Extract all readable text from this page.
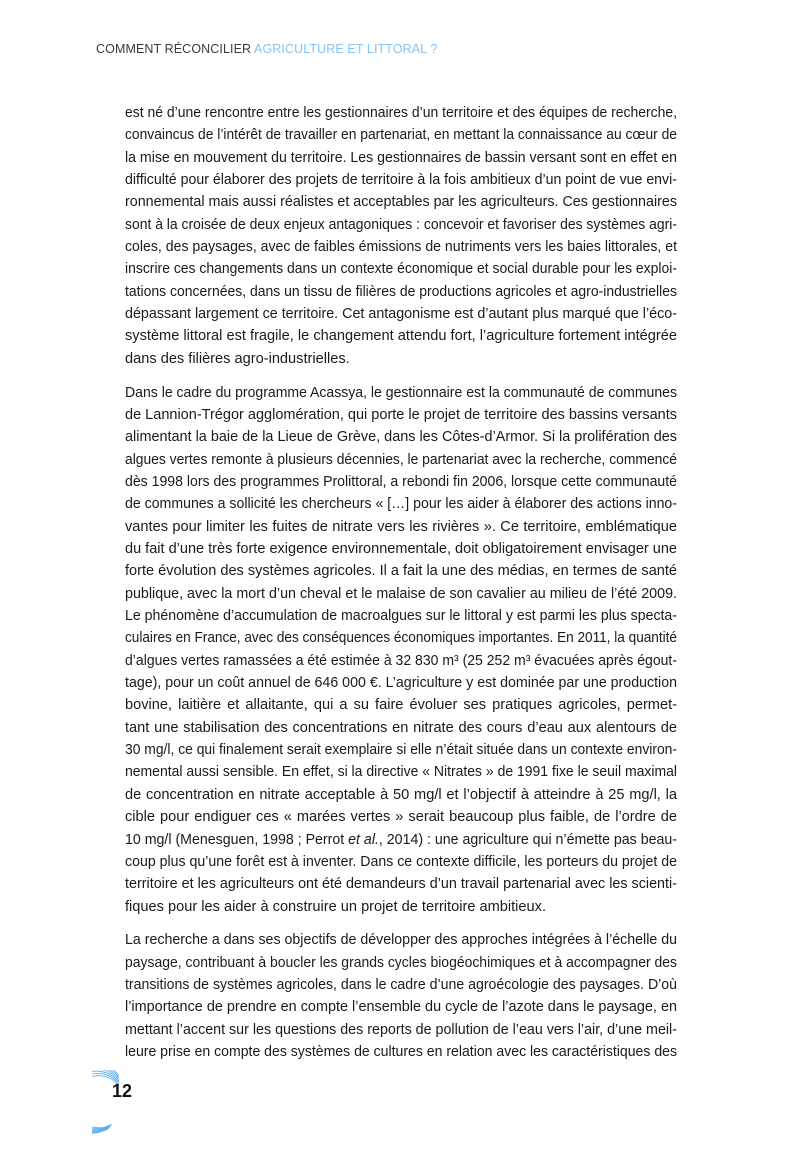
COMMENT RÉCONCILIER AGRICULTURE ET LITTORAL ?
est né d’une rencontre entre les gestionnaires d’un territoire et des équipes de recherche,
convaincus de l’intérêt de travailler en partenariat, en mettant la connaissance au cœur de
la mise en mouvement du territoire. Les gestionnaires de bassin versant sont en effet en
difficulté pour élaborer des projets de territoire à la fois ambitieux d’un point de vue envi-
ronnemental mais aussi réalistes et acceptables par les agriculteurs. Ces gestionnaires
sont à la croisée de deux enjeux antagoniques : concevoir et favoriser des systèmes agri-
coles, des paysages, avec de faibles émissions de nutriments vers les baies littorales, et
inscrire ces changements dans un contexte économique et social durable pour les exploi-
tations concernées, dans un tissu de filières de productions agricoles et agro-industrielles
dépassant largement ce territoire. Cet antagonisme est d’autant plus marqué que l’éco-
système littoral est fragile, le changement attendu fort, l’agriculture fortement intégrée
dans des filières agro-industrielles.
Dans le cadre du programme Acassya, le gestionnaire est la communauté de communes
de Lannion-Trégor agglomération, qui porte le projet de territoire des bassins versants
alimentant la baie de la Lieue de Grève, dans les Côtes-d’Armor. Si la prolifération des
algues vertes remonte à plusieurs décennies, le partenariat avec la recherche, commencé
dès 1998 lors des programmes Prolittoral, a rebondi fin 2006, lorsque cette communauté
de communes a sollicité les chercheurs « […] pour les aider à élaborer des actions inno-
vantes pour limiter les fuites de nitrate vers les rivières ». Ce territoire, emblématique
du fait d’une très forte exigence environnementale, doit obligatoirement envisager une
forte évolution des systèmes agricoles. Il a fait la une des médias, en termes de santé
publique, avec la mort d’un cheval et le malaise de son cavalier au milieu de l’été 2009.
Le phénomène d’accumulation de macroalgues sur le littoral y est parmi les plus specta-
culaires en France, avec des conséquences économiques importantes. En 2011, la quantité
d’algues vertes ramassées a été estimée à 32 830 m³ (25 252 m³ évacuées après égout-
tage), pour un coût annuel de 646 000 €. L’agriculture y est dominée par une production
bovine, laitière et allaitante, qui a su faire évoluer ses pratiques agricoles, permet-
tant une stabilisation des concentrations en nitrate des cours d’eau aux alentours de
30 mg/l, ce qui finalement serait exemplaire si elle n’était située dans un contexte environ-
nemental aussi sensible. En effet, si la directive « Nitrates » de 1991 fixe le seuil maximal
de concentration en nitrate acceptable à 50 mg/l et l’objectif à atteindre à 25 mg/l, la
cible pour endiguer ces « marées vertes » serait beaucoup plus faible, de l’ordre de
10 mg/l (Menesguen, 1998 ; Perrot et al., 2014) : une agriculture qui n’émette pas beau-
coup plus qu’une forêt est à inventer. Dans ce contexte difficile, les porteurs du projet de
territoire et les agriculteurs ont été demandeurs d’un travail partenarial avec les scienti-
fiques pour les aider à construire un projet de territoire ambitieux.
La recherche a dans ses objectifs de développer des approches intégrées à l’échelle du
paysage, contribuant à boucler les grands cycles biogéochimiques et à accompagner des
transitions de systèmes agricoles, dans le cadre d’une agroécologie des paysages. D’où
l’importance de prendre en compte l’ensemble du cycle de l’azote dans le paysage, en
mettant l’accent sur les questions des reports de pollution de l’eau vers l’air, d’une meil-
leure prise en compte des systèmes de cultures en relation avec les caractéristiques des
12
